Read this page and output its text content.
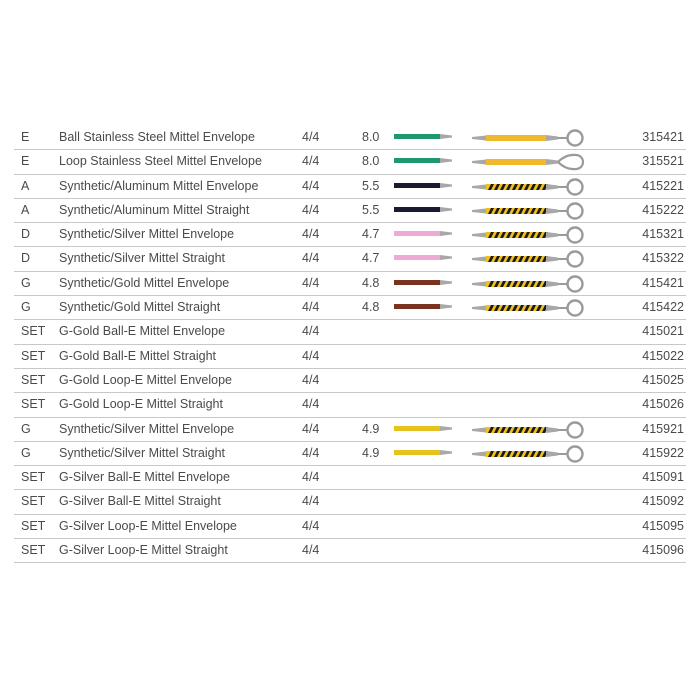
E Ball Stainless Steel Mittel Envelope	4/4	8.0	315421
E Loop Stainless Steel Mittel Envelope	4/4	8.0	315521
A Synthetic/Aluminum Mittel Envelope	4/4	5.5	415221
A Synthetic/Aluminum Mittel Straight	4/4	5.5	415222
D Synthetic/Silver Mittel Envelope	4/4	4.7	415321
D Synthetic/Silver Mittel Straight	4/4	4.7	415322
G Synthetic/Gold Mittel Envelope	4/4	4.8	415421
G Synthetic/Gold Mittel Straight	4/4	4.8	415422
SET G-Gold Ball-E Mittel Envelope	4/4	415021
SET G-Gold Ball-E Mittel Straight	4/4	415022
SET G-Gold Loop-E Mittel Envelope	4/4	415025
SET G-Gold Loop-E Mittel Straight	4/4	415026
G Synthetic/Silver Mittel Envelope	4/4	4.9	415921
G Synthetic/Silver Mittel Straight	4/4	4.9	415922
SET G-Silver Ball-E Mittel Envelope	4/4	415091
SET G-Silver Ball-E Mittel Straight	4/4	415092
SET G-Silver Loop-E Mittel Envelope	4/4	415095
SET G-Silver Loop-E Mittel Straight	4/4	415096
